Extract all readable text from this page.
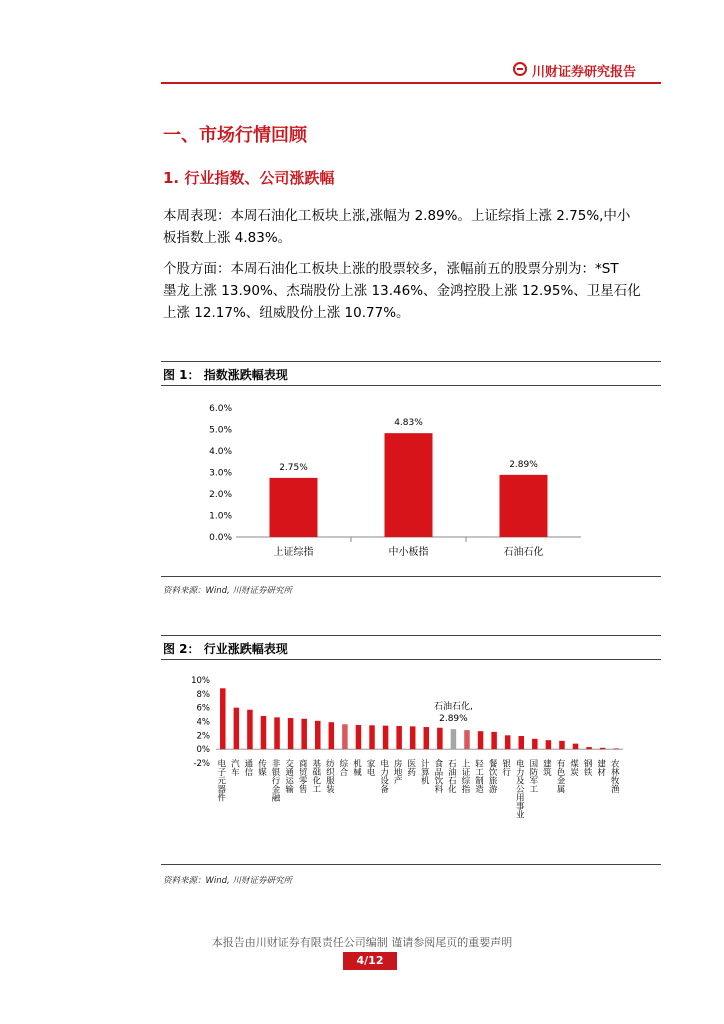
川财证券研究报告
一、市场行情回顾
1. 行业指数、公司涨跌幅
本周表现：本周石油化工板块上涨,涨幅为 2.89%。上证综指上涨 2.75%,中小
板指数上涨 4.83%。
个股方面：本周石油化工板块上涨的股票较多，涨幅前五的股票分别为：*ST
墨龙上涨 13.90%、杰瑞股份上涨 13.46%、金鸿控股上涨 12.95%、卫星石化
上涨 12.17%、纽威股份上涨 10.77%。
图 1： 指数涨跌幅表现
0.0%
1.0%
2.0%
3.0%
4.0%
5.0%
6.0%
2.75%
上证综指
4.83%
中小板指
2.89%
石油石化
资料来源：Wind, 川财证券研究所
图 2： 行业涨跌幅表现
-2%
0%
2%
4%
6%
8%
10%
电子元器件 汽车 通信 传媒 非银行金融 交通运输 商贸零售 基础化工 纺织服装 综合 机械 家电 电力设备 房地产 医药 计算机 食品饮料 石油石化
石油石化,
2.89%
上证综指 轻工制造 餐饮旅游 银行 电力及公用事业 国防军工 建筑 有色金属 煤炭 钢铁 建材 农林牧渔
资料来源：Wind, 川财证券研究所
本报告由川财证券有限责任公司编制 谨请参阅尾页的重要声明
4/12
